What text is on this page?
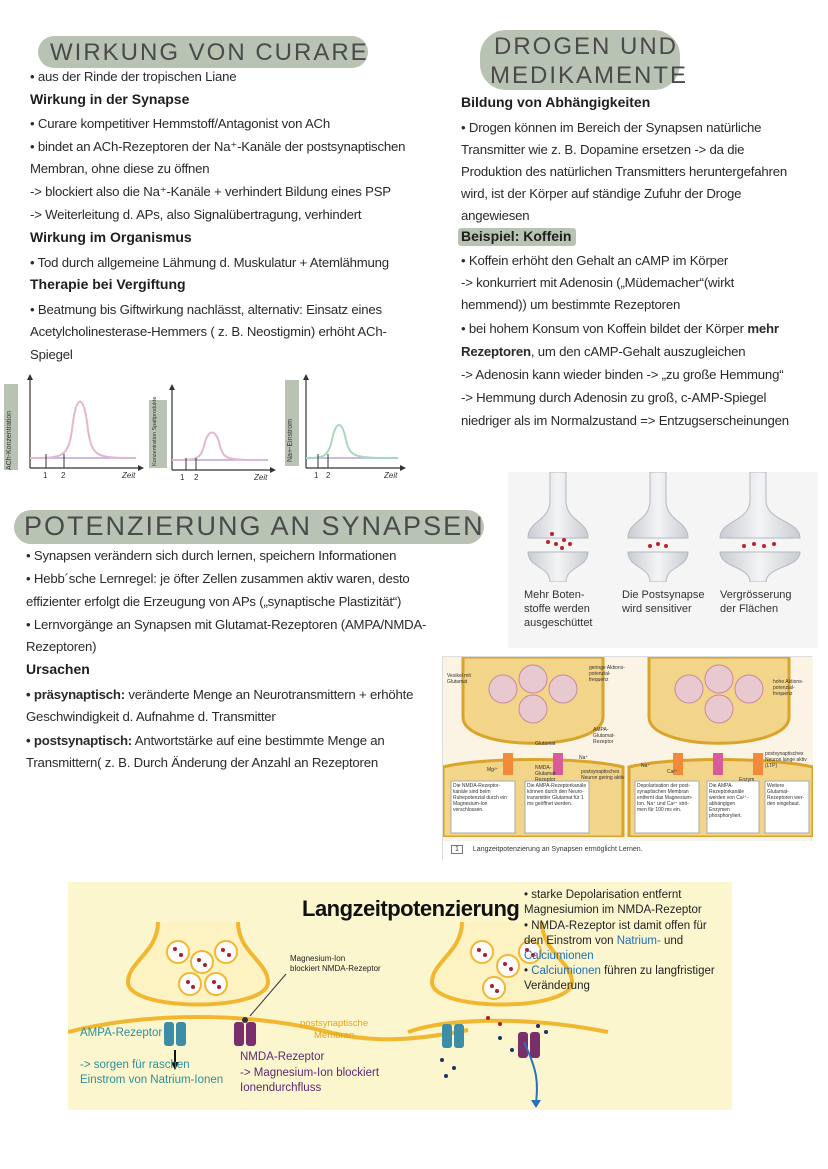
WIRKUNG VON CURARE
• aus der Rinde der tropischen Liane
Wirkung in der Synapse
• Curare kompetitiver Hemmstoff/Antagonist von ACh
• bindet an ACh-Rezeptoren der Na⁺-Kanäle der postsynaptischen
Membran, ohne diese zu öffnen
-> blockiert also die Na⁺-Kanäle + verhindert Bildung eines PSP
-> Weiterleitung d. APs, also Signalübertragung, verhindert
Wirkung im Organismus
• Tod durch allgemeine Lähmung d. Muskulatur + Atemlähmung
Therapie bei Vergiftung
• Beatmung bis Giftwirkung nachlässt, alternativ: Einsatz eines
Acetylcholinesterase-Hemmers ( z. B. Neostigmin) erhöht ACh-
Spiegel
ACh-Konzentration
1 2	Zeit
Konzentration Spaltprodukte
1 2	Zeit
Na+-Einstrom
1 2	Zeit
DROGEN UND
MEDIKAMENTE
Bildung von Abhängigkeiten
• Drogen können im Bereich der Synapsen natürliche
Transmitter wie z. B. Dopamine ersetzen -> da die
Produktion des natürlichen Transmitters heruntergefahren
wird, ist der Körper auf ständige Zufuhr der Droge
angewiesen
Beispiel: Koffein
• Koffein erhöht den Gehalt an cAMP im Körper
-> konkurriert mit Adenosin („Müdemacher“(wirkt
hemmend)) um bestimmte Rezeptoren
• bei hohem Konsum von Koffein bildet der Körper mehr
Rezeptoren, um den cAMP-Gehalt auszugleichen
-> Adenosin kann wieder binden -> „zu große Hemmung“
-> Hemmung durch Adenosin zu groß, c-AMP-Spiegel
niedriger als im Normalzustand => Entzugserscheinungen
Mehr Boten-
stoffe werden
ausgeschüttet
Die Postsynapse
wird sensitiver
Vergrösserung
der Flächen
POTENZIERUNG AN SYNAPSEN
• Synapsen verändern sich durch lernen, speichern Informationen
• Hebb´sche Lernregel: je öfter Zellen zusammen aktiv waren, desto
effizienter erfolgt die Erzeugung von APs („synaptische Plastizität“)
• Lernvorgänge an Synapsen mit Glutamat-Rezeptoren (AMPA/NMDA-
Rezeptoren)
Ursachen
• präsynaptisch: veränderte Menge an Neurotransmittern + erhöhte
Geschwindigkeit d. Aufnahme d. Transmitter
• postsynaptisch: Antwortstärke auf eine bestimmte Menge an
Transmittern( z. B. Durch Änderung der Anzahl an Rezeptoren
Vesikel mit Glutamat
geringe Aktions-potenzial-frequenz
AMPA-Glutamat-Rezeptor
Glutamat
Na⁺
Mg²⁺	NMDA-Glutamat-Rezeptor
postsynaptisches Neuron gering aktiv
hohe Aktions-potenzial-frequenz
Na⁺
Ca²⁺
postsynaptisches Neuron lange aktiv (LTP)
Enzym
Die NMDA-Rezeptor-kanäle sind beim Ruhepotenzial durch ein Magnesium-Ion verschlossen.
Die AMPA-Rezeptorkanäle können durch den Neuro-transmitter Glutamat für 1 ms geöffnet werden.
Depolarisation der post-synaptischen Membran entfernt das Magnesium-Ion. Na⁺ und Ca²⁺ strö-men für 100 ms ein.
Die AMPA-Rezeptorkanäle werden von Ca²⁺-abhängigen Enzymen phosphoryliert.
Weitere Glutamat-Rezeptoren wer-den eingebaut.
1 Langzeitpotenzierung an Synapsen ermöglicht Lernen.
Langzeitpotenzierung
Magnesium-Ion
blockiert NMDA-Rezeptor
AMPA-Rezeptor
postsynaptische
Membran
-> sorgen für raschen
Einstrom von Natrium-Ionen
NMDA-Rezeptor
-> Magnesium-Ion blockiert
Ionendurchfluss
• starke Depolarisation entfernt
Magnesiumion im NMDA-Rezeptor
• NMDA-Rezeptor ist damit offen für
den Einstrom von Natrium- und
Calciumionen
• Calciumionen führen zu langfristiger
Veränderung
